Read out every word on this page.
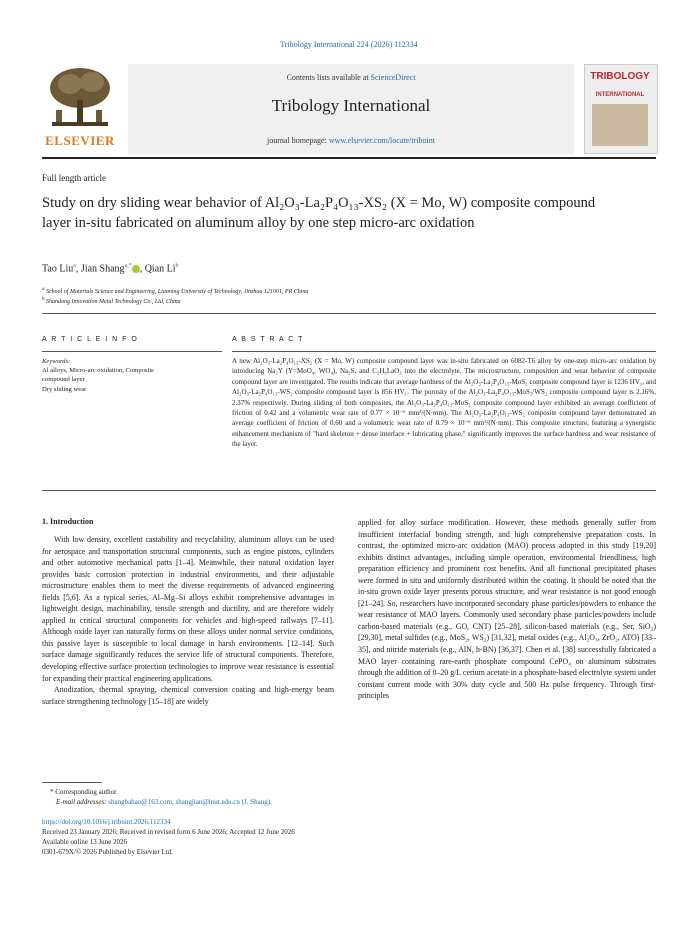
Tribology International 224 (2026) 112334
ELSEVIER
Contents lists available at ScienceDirect
Tribology International
journal homepage: www.elsevier.com/locate/triboint
TRIBOLOGY
INTERNATIONAL
Full length article
Study on dry sliding wear behavior of Al₂O₃-La₂P₄O₁₃-XS₂ (X = Mo, W) composite compound layer in-situ fabricated on aluminum alloy by one step micro-arc oxidation
Tao Liu$^a$, Jian Shang$^{a,*}$ , Qian Li$^b$
$^a$ School of Materials Science and Engineering, Liaoning University of Technology, Jinzhou 121001, PR China
$^b$ Shandong Innovation Metal Technology Co., Ltd, China
A R T I C L E I N F O	A B S T R A C T
Keywords:
Al alloys, Micro-arc oxidation, Composite
compound layer
Dry sliding wear
A new Al₂O₃-La₂P₄O₁₃-XS₂ (X = Mo, W) composite compound layer was in-situ fabricated on 6082-T6 alloy by one-step micro-arc oxidation by introducing Na₂Y (Y=MoO₄, WO₄), Na₂S, and C₂H₆LaO₃ into the electrolyte. The microstructure, composition and wear behavior of composite compound layer are investigated. The results indicate that average hardness of the Al₂O₃-La₂P₄O₁₃-MoS₂ composite compound layer is 1236 HV₁, and Al₂O₃-La₂P₄O₁₃-WS₂ composite compound layer is 856 HV₁. The porosity of the Al₂O₃-La₂P₄O₁₃-MoS₂/WS₂ composite compound layer is 2.16%, 2.37% respectively. During sliding of both composites, the Al₂O₃-La₂P₄O₁₃-MoS₂ composite compound layer exhibited an average coefficient of friction of 0.42 and a volumetric wear rate of 0.77 × 10⁻⁶ mm³/(N·mm). The Al₂O₃-La₂P₄O₁₃-WS₂ composite compound layer demonstrated an average coefficient of friction of 0.60 and a volumetric wear rate of 0.79 × 10⁻⁶ mm³/(N·mm). This composite structure, featuring a synergistic enhancement mechanism of "hard skeleton + dense interface + lubricating phase," significantly improves the surface hardness and wear resistance of the layer.
1. Introduction

With low density, excellent castability and recyclability, aluminum alloys can be used for aerospace and transportation structural components, such as engine pistons, cylinders and other automotive mechanical parts [1–4]. Meanwhile, their natural oxidation layer provides basic corrosion protection in industrial environments, and their adjustable microstructure enables them to meet the diverse requirements of advanced engineering fields [5,6]. As a typical series, Al–Mg–Si alloys exhibit comprehensive advantages in lightweight design, machinability, tensile strength and ductility, and are therefore widely applied in critical structural components for vehicles and high-speed railways [7–11]. Although oxide layer can naturally forms on these alloys under normal service conditions, this passive layer is susceptible to local damage in harsh environments. [12–14]. Such surface damage significantly reduces the service life of structural components. Therefore, developing effective surface protection technologies to improve wear resistance is essential for expanding their practical engineering applications.

Anodization, thermal spraying, chemical conversion coating and high-energy beam surface strengthening technology [15–18] are widely

applied for alloy surface modification. However, these methods generally suffer from insufficient interfacial bonding strength, and high comprehensive preparation costs. In contrast, the optimized micro-arc oxidation (MAO) process adopted in this study [19,20] exhibits distinct advantages, including simple operation, environmental friendliness, high preparation efficiency and prominent cost benefits. And all functional precipitated phases were formed in situ and uniformly distributed within the coating. It should be noted that the in-situ grown oxide layer presents porous structure, and wear resistance is not good enough [21–24]. So, researchers have incorporated secondary phase particles/powders to enhance the wear resistance of MAO layers. Commonly used secondary phase particles/powders include carbon-based materials (e.g., GO, CNT) [25–28], silicon-based materials (e.g., Ser, SiO₂) [29,30], metal sulfides (e.g., MoS₂, WS₂) [31,32], metal oxides (e.g., Al₂O₃, ZrO₂, ATO) [33–35], and nitride materials (e.g., AlN, h-BN) [36,37]. Chen et al. [38] successfully fabricated a MAO layer containing rare-earth phosphate compound CePO₄ on aluminum substrates through the addition of 0–20 g/L cerium acetate in a phosphate-based electrolyte system under constant current mode with 30% duty cycle and 500 Hz pulse frequency. Through first-principles

* Corresponding author.
E-mail addresses: shangbahao@163.com, shangjian@lnut.edu.cn (J. Shang).
https://doi.org/10.1016/j.triboint.2026.112334
Received 23 January 2026; Received in revised form 6 June 2026; Accepted 12 June 2026
Available online 13 June 2026
0301-679X/© 2026 Published by Elsevier Ltd.
